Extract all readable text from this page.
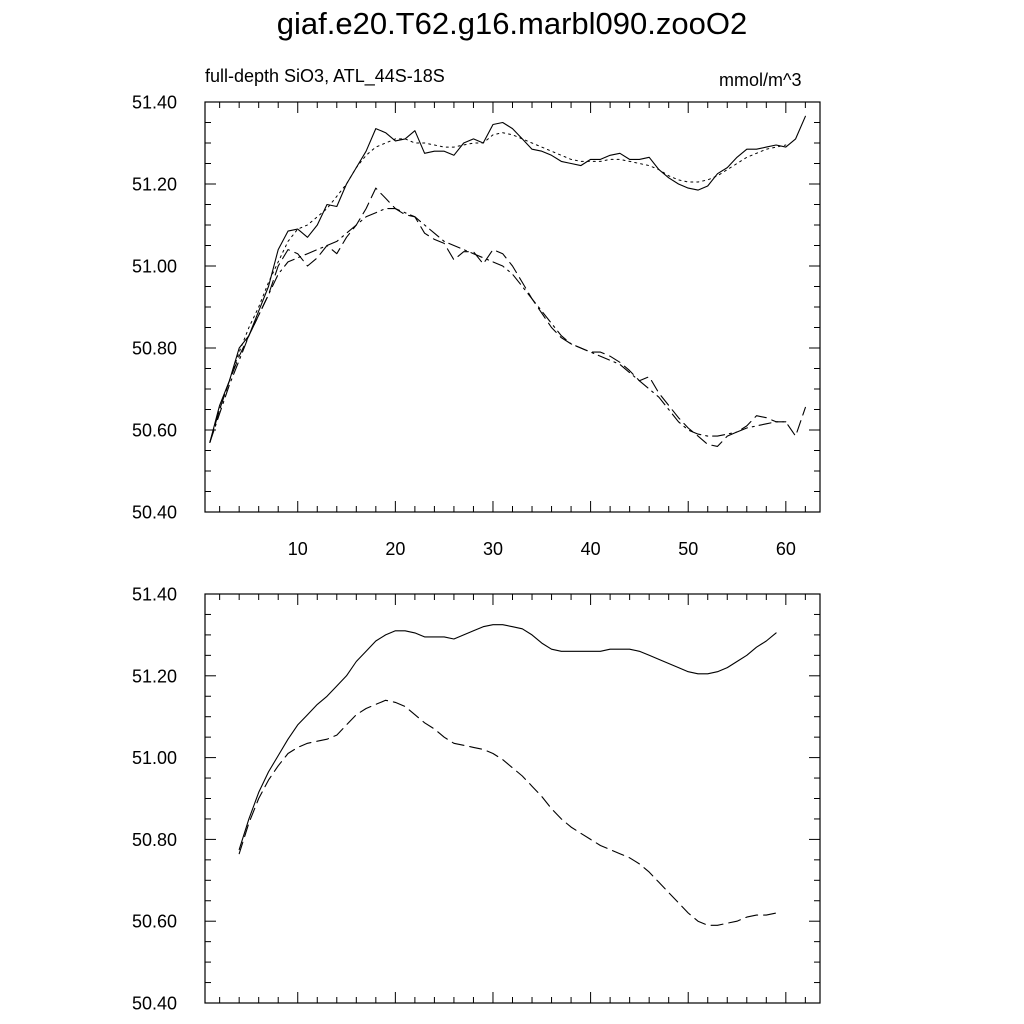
giaf.e20.T62.g16.marbl090.zooO2
full-depth SiO3, ATL_44S-18S	mmol/m^3
50.40
50.60
50.80
51.00
51.20
51.40
10	20	30	40	50	60
50.40
50.60
50.80
51.00
51.20
51.40
